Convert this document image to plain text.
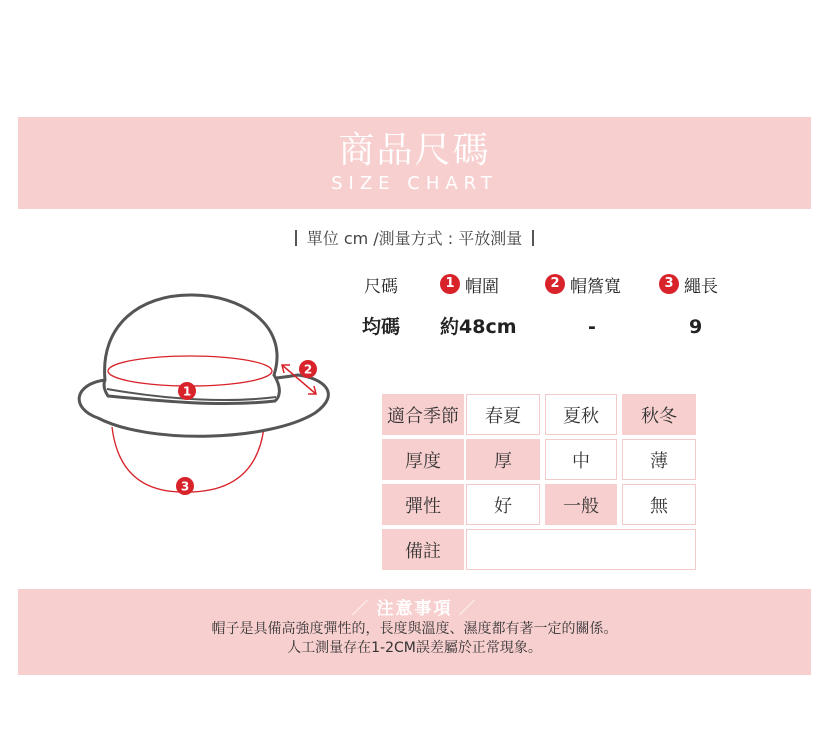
商品尺碼
SIZE CHART
單位 cm /測量方式 : 平放測量
1
2
3
尺碼	1 帽圍	2 帽簷寬	3 繩長
均碼 約48cm	-	9
適合季節	春夏	夏秋	秋冬
厚度	厚	中	薄
彈性	好	一般	無
備註
／ 注意事項 ／
帽子是具備高強度彈性的，長度與溫度、濕度都有著一定的關係。
人工測量存在1-2CM誤差屬於正常現象。
